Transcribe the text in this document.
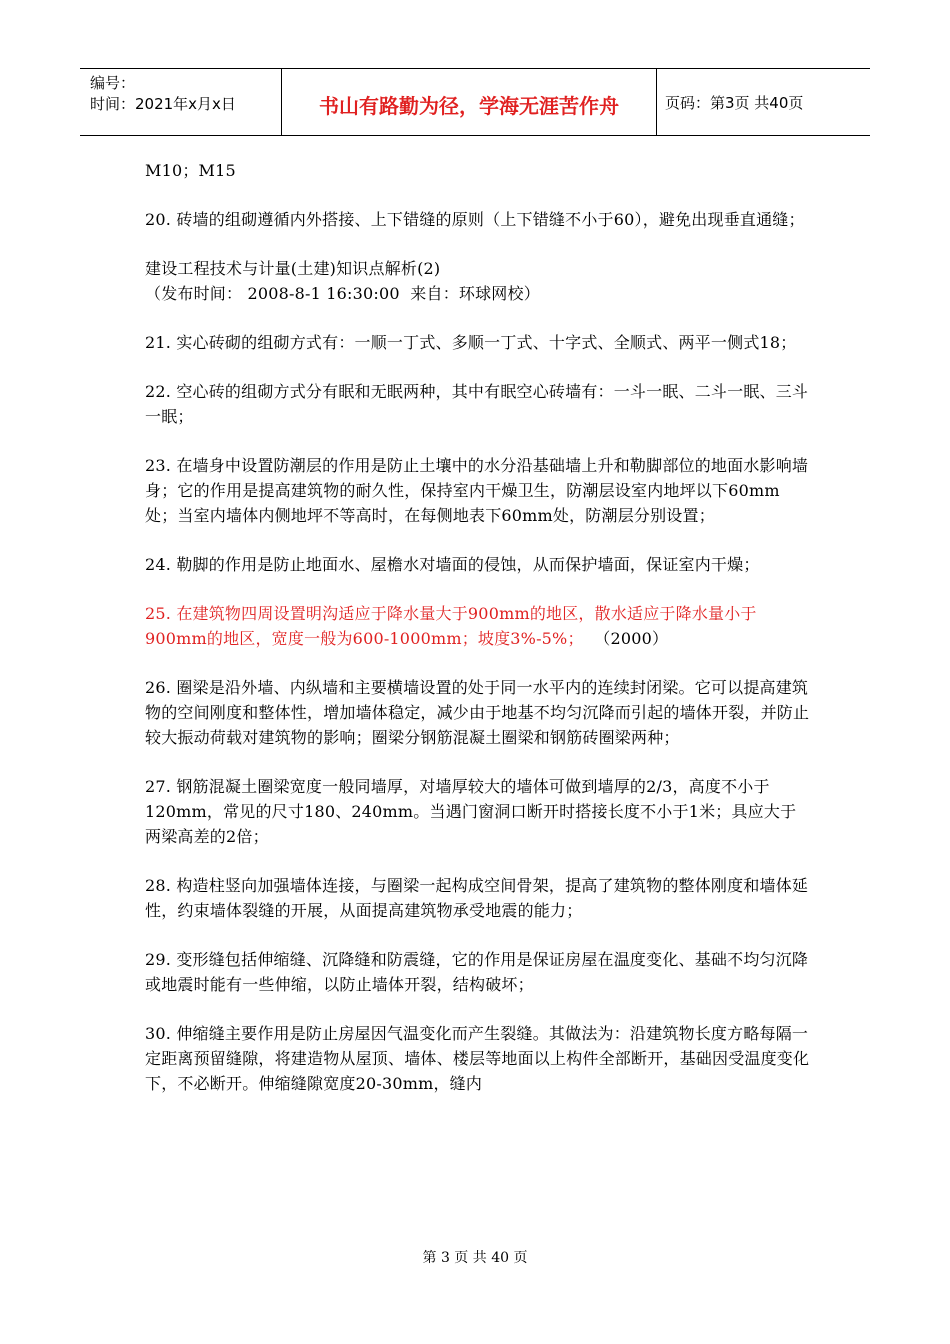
编号：
时间：2021年x月x日	书山有路勤为径，学海无涯苦作舟	页码：第3页 共40页

M10；M15

20. 砖墙的组砌遵循内外搭接、上下错缝的原则（上下错缝不小于60），避免出现垂直通缝；

建设工程技术与计量(土建)知识点解析(2)

（发布时间： 2008-8-1 16:30:00  来自：环球网校）

21. 实心砖砌的组砌方式有：一顺一丁式、多顺一丁式、十字式、全顺式、两平一侧式18；

22. 空心砖的组砌方式分有眠和无眠两种，其中有眠空心砖墙有：一斗一眠、二斗一眠、三斗一眠；

23. 在墙身中设置防潮层的作用是防止土壤中的水分沿基础墙上升和勒脚部位的地面水影响墙身；它的作用是提高建筑物的耐久性，保持室内干燥卫生，防潮层设室内地坪以下60mm处；当室内墙体内侧地坪不等高时，在每侧地表下60mm处，防潮层分别设置；

24. 勒脚的作用是防止地面水、屋檐水对墙面的侵蚀，从而保护墙面，保证室内干燥；

25. 在建筑物四周设置明沟适应于降水量大于900mm的地区，散水适应于降水量小于900mm的地区，宽度一般为600-1000mm；坡度3%-5%；  （2000）

26. 圈梁是沿外墙、内纵墙和主要横墙设置的处于同一水平内的连续封闭梁。它可以提高建筑物的空间刚度和整体性，增加墙体稳定，减少由于地基不均匀沉降而引起的墙体开裂，并防止较大振动荷载对建筑物的影响；圈梁分钢筋混凝土圈梁和钢筋砖圈梁两种；

27. 钢筋混凝土圈梁宽度一般同墙厚，对墙厚较大的墙体可做到墙厚的2/3，高度不小于120mm，常见的尺寸180、240mm。当遇门窗洞口断开时搭接长度不小于1米；具应大于两梁高差的2倍；

28. 构造柱竖向加强墙体连接，与圈梁一起构成空间骨架，提高了建筑物的整体刚度和墙体延性，约束墙体裂缝的开展，从面提高建筑物承受地震的能力；

29. 变形缝包括伸缩缝、沉降缝和防震缝，它的作用是保证房屋在温度变化、基础不均匀沉降或地震时能有一些伸缩，以防止墙体开裂，结构破坏；

30. 伸缩缝主要作用是防止房屋因气温变化而产生裂缝。其做法为：沿建筑物长度方略每隔一定距离预留缝隙，将建造物从屋顶、墙体、楼层等地面以上构件全部断开，基础因受温度变化下，不必断开。伸缩缝隙宽度20-30mm，缝内

第 3 页 共 40 页
